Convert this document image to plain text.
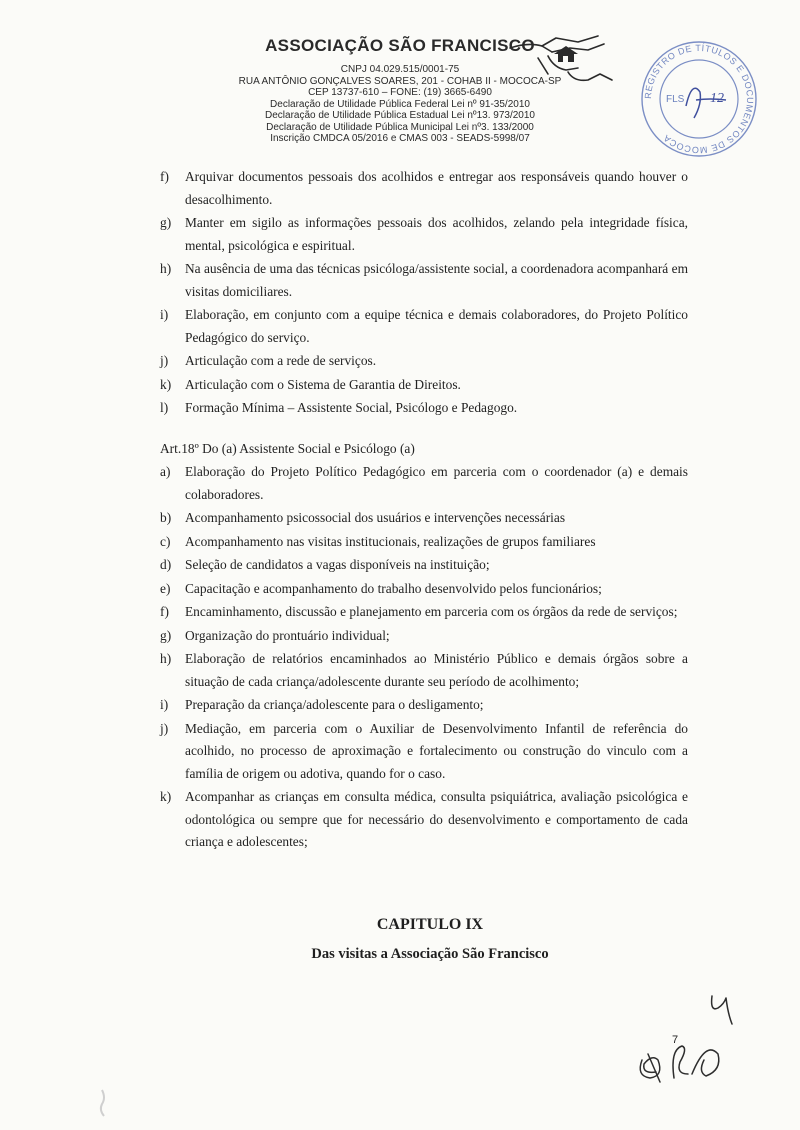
ASSOCIAÇÃO SÃO FRANCISCO
CNPJ 04.029.515/0001-75
RUA ANTÔNIO GONÇALVES SOARES, 201 - COHAB II - MOCOCA-SP
CEP 13737-610 – FONE: (19) 3665-6490
Declaração de Utilidade Pública Federal Lei nº 91-35/2010
Declaração de Utilidade Pública Estadual Lei nº13. 973/2010
Declaração de Utilidade Pública Municipal Lei nº3. 133/2000
Inscrição CMDCA 05/2016 e CMAS 003 - SEADS-5998/07
REGISTRO DE TÍTULOS E DOCUMENTOS DE MOCOCA
FLS 12
f) Arquivar documentos pessoais dos acolhidos e entregar aos responsáveis quando houver o desacolhimento.
g) Manter em sigilo as informações pessoais dos acolhidos, zelando pela integridade física, mental, psicológica e espiritual.
h) Na ausência de uma das técnicas psicóloga/assistente social, a coordenadora acompanhará em visitas domiciliares.
i) Elaboração, em conjunto com a equipe técnica e demais colaboradores, do Projeto Político Pedagógico do serviço.
j) Articulação com a rede de serviços.
k) Articulação com o Sistema de Garantia de Direitos.
l) Formação Mínima – Assistente Social, Psicólogo e Pedagogo.
Art.18º Do (a) Assistente Social e Psicólogo (a)
a) Elaboração do Projeto Político Pedagógico em parceria com o coordenador (a) e demais colaboradores.
b) Acompanhamento psicossocial dos usuários e intervenções necessárias
c) Acompanhamento nas visitas institucionais, realizações de grupos familiares
d) Seleção de candidatos a vagas disponíveis na instituição;
e) Capacitação e acompanhamento do trabalho desenvolvido pelos funcionários;
f) Encaminhamento, discussão e planejamento em parceria com os órgãos da rede de serviços;
g) Organização do prontuário individual;
h) Elaboração de relatórios encaminhados ao Ministério Público e demais órgãos sobre a situação de cada criança/adolescente durante seu período de acolhimento;
i) Preparação da criança/adolescente para o desligamento;
j) Mediação, em parceria com o Auxiliar de Desenvolvimento Infantil de referência do acolhido, no processo de aproximação e fortalecimento ou construção do vinculo com a família de origem ou adotiva, quando for o caso.
k) Acompanhar as crianças em consulta médica, consulta psiquiátrica, avaliação psicológica e odontológica ou sempre que for necessário do desenvolvimento e comportamento de cada criança e adolescentes;
CAPITULO IX
Das visitas a Associação São Francisco
7
